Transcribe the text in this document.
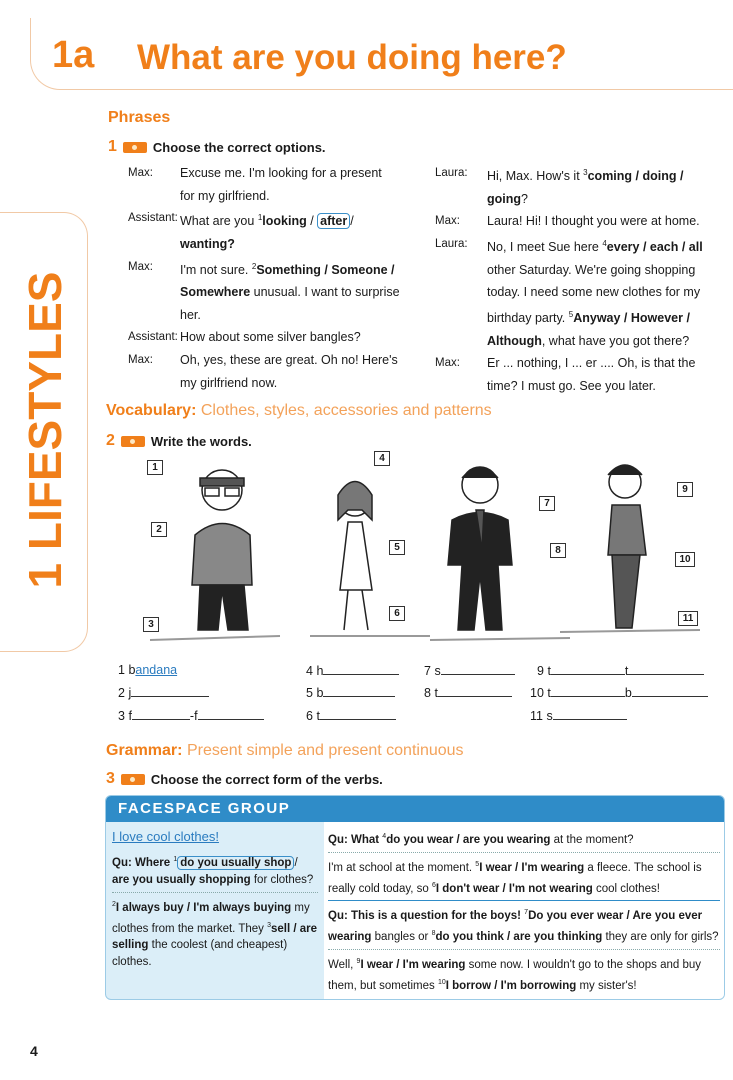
1a What are you doing here?
1 LIFESTYLES
Phrases
1	Choose the correct options.
Max:	Excuse me. I'm looking for a present
for my girlfriend.
Assistant: What are you $^1$looking / after /
wanting?
Max:	I'm not sure. $^2$Something / Someone /
Somewhere unusual. I want to surprise
her.
Assistant: How about some silver bangles?
Max:	Oh, yes, these are great. Oh no! Here's
my girlfriend now.
Laura:	Hi, Max. How's it $^3$coming / doing /
going?
Max:	Laura! Hi! I thought you were at home.
Laura:	No, I meet Sue here $^4$every / each / all
other Saturday. We're going shopping
today. I need some new clothes for my
birthday party. $^5$Anyway / However /
Although, what have you got there?
Max:	Er ... nothing, I ... er .... Oh, is that the
time? I must go. See you later.
Vocabulary: Clothes, styles, accessories and patterns
2	Write the words.
1
2
3
4
5
6
7
8
9
10
11
1 bandana
2 j
3 f	-f
4 h
5 b
6 t
7 s
8 t
9 t	t
10 t	b
11 s
Grammar: Present simple and present continuous
3	Choose the correct form of the verbs.
FACESPACE GROUP
I love cool clothes!
Qu: Where $^1$ do you usually shop / are you usually shopping for clothes?
$^2$I always buy / I'm always buying my clothes from the market. They $^3$sell / are selling the coolest (and cheapest) clothes.
Qu: What $^4$do you wear / are you wearing at the moment?
I'm at school at the moment. $^5$I wear / I'm wearing a fleece. The school is really cold today, so $^6$I don't wear / I'm not wearing cool clothes!
Qu: This is a question for the boys! $^7$Do you ever wear / Are you ever wearing bangles or $^8$do you think / are you thinking they are only for girls?
Well, $^9$I wear / I'm wearing some now. I wouldn't go to the shops and buy them, but sometimes $^{10}$I borrow / I'm borrowing my sister's!
4
